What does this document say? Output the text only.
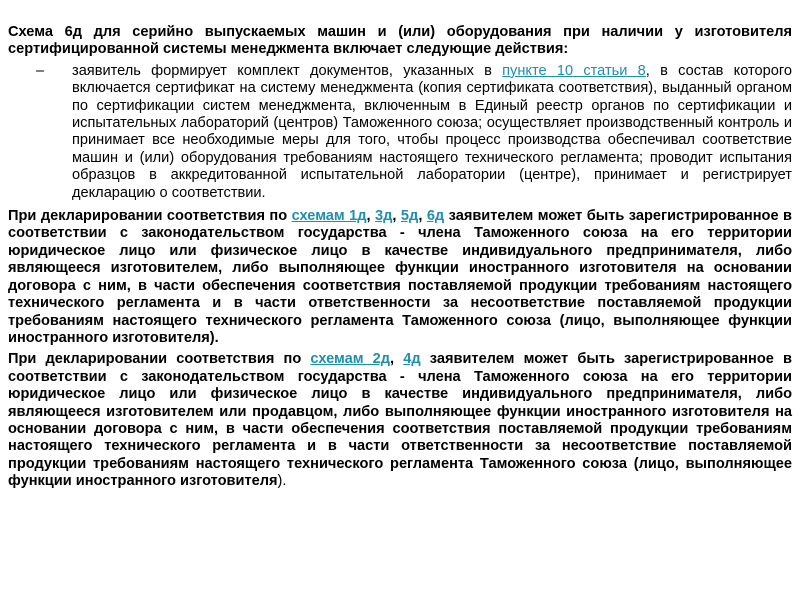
Схема 6д для серийно выпускаемых машин и (или) оборудования при наличии у изготовителя сертифицированной системы менеджмента включает следующие действия:

– заявитель формирует комплект документов, указанных в пункте 10 статьи 8, в состав которого включается сертификат на систему менеджмента (копия сертификата соответствия), выданный органом по сертификации систем менеджмента, включенным в Единый реестр органов по сертификации и испытательных лабораторий (центров) Таможенного союза; осуществляет производственный контроль и принимает все необходимые меры для того, чтобы процесс производства обеспечивал соответствие машин и (или) оборудования требованиям настоящего технического регламента; проводит испытания образцов в аккредитованной испытательной лаборатории (центре), принимает и регистрирует декларацию о соответствии.

При декларировании соответствия по схемам 1д, 3д, 5д, 6д заявителем может быть зарегистрированное в соответствии с законодательством государства - члена Таможенного союза на его территории юридическое лицо или физическое лицо в качестве индивидуального предпринимателя, либо являющееся изготовителем, либо выполняющее функции иностранного изготовителя на основании договора с ним, в части обеспечения соответствия поставляемой продукции требованиям настоящего технического регламента и в части ответственности за несоответствие поставляемой продукции требованиям настоящего технического регламента Таможенного союза (лицо, выполняющее функции иностранного изготовителя).

При декларировании соответствия по схемам 2д, 4д заявителем может быть зарегистрированное в соответствии с законодательством государства - члена Таможенного союза на его территории юридическое лицо или физическое лицо в качестве индивидуального предпринимателя, либо являющееся изготовителем или продавцом, либо выполняющее функции иностранного изготовителя на основании договора с ним, в части обеспечения соответствия поставляемой продукции требованиям настоящего технического регламента и в части ответственности за несоответствие поставляемой продукции требованиям настоящего технического регламента Таможенного союза (лицо, выполняющее функции иностранного изготовителя).
